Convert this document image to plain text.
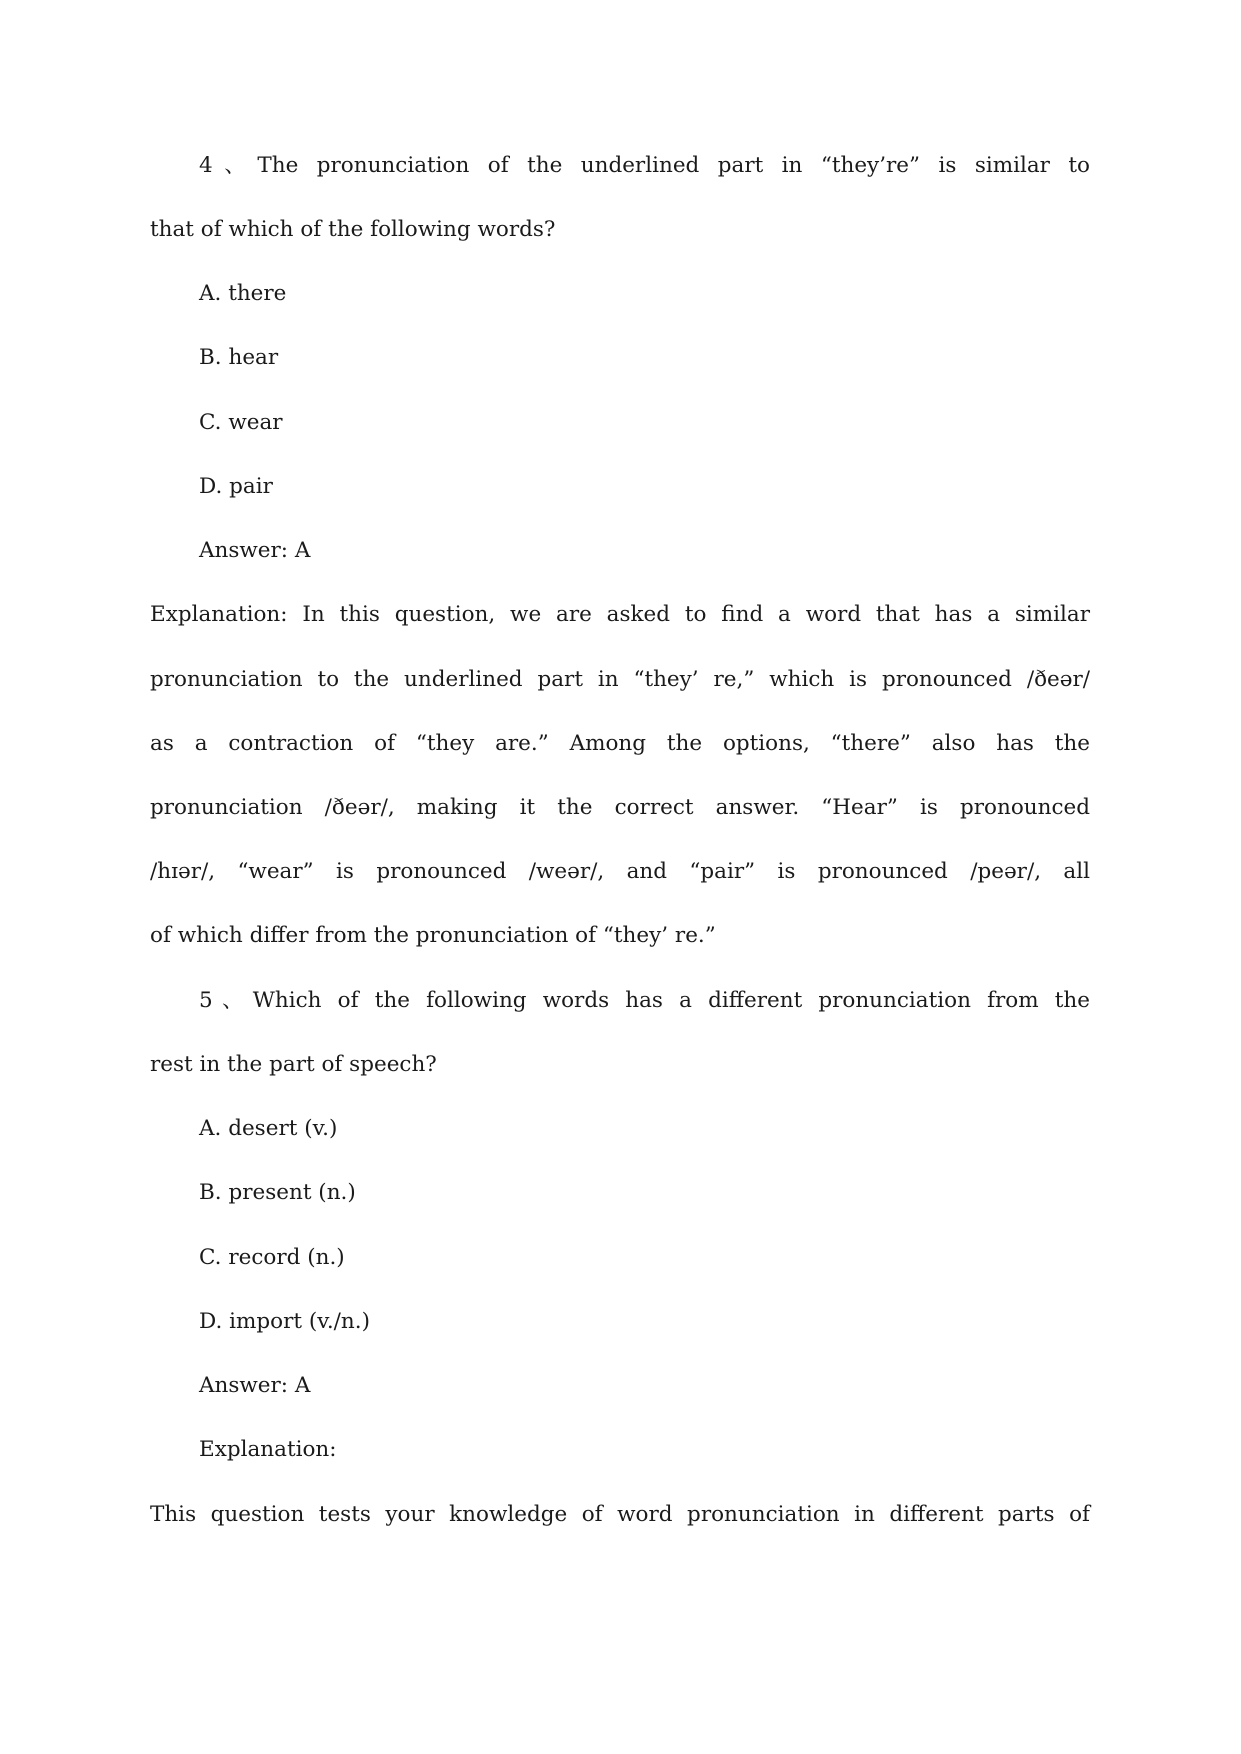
4、The pronunciation of the underlined part in “they’re” is similar to
that of which of the following words?
A. there
B. hear
C. wear
D. pair
Answer: A
Explanation: In this question, we are asked to find a word that has a similar
pronunciation to the underlined part in “they’ re,” which is pronounced /ðeər/
as a contraction of “they are.” Among the options, “there” also has the
pronunciation /ðeər/, making it the correct answer. “Hear” is pronounced
/hɪər/, “wear” is pronounced /weər/, and “pair” is pronounced /peər/, all
of which differ from the pronunciation of “they’ re.”
5、Which of the following words has a different pronunciation from the
rest in the part of speech?
A. desert (v.)
B. present (n.)
C. record (n.)
D. import (v./n.)
Answer: A
Explanation:
This question tests your knowledge of word pronunciation in different parts of
